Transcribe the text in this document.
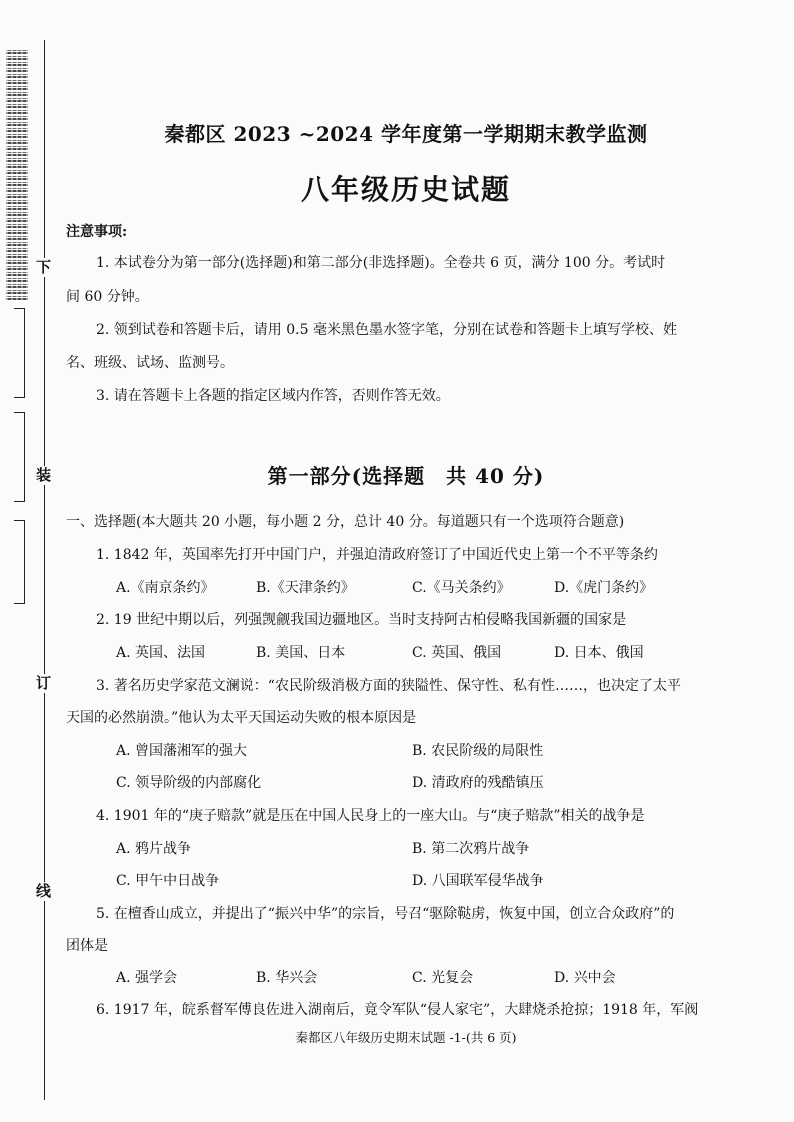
下
装
订
线
秦都区 2023 ~2024 学年度第一学期期末教学监测
八年级历史试题
注意事项:
1. 本试卷分为第一部分(选择题)和第二部分(非选择题)。全卷共 6 页，满分 100 分。考试时
间 60 分钟。
2. 领到试卷和答题卡后，请用 0.5 毫米黑色墨水签字笔，分别在试卷和答题卡上填写学校、姓
名、班级、试场、监测号。
3. 请在答题卡上各题的指定区域内作答，否则作答无效。
第一部分(选择题　共 40 分)
一、选择题(本大题共 20 小题，每小题 2 分，总计 40 分。每道题只有一个选项符合题意)
1. 1842 年，英国率先打开中国门户，并强迫清政府签订了中国近代史上第一个不平等条约
A.《南京条约》	B.《天津条约》	C.《马关条约》	D.《虎门条约》
2. 19 世纪中期以后，列强觊觎我国边疆地区。当时支持阿古柏侵略我国新疆的国家是
A. 英国、法国	B. 美国、日本	C. 英国、俄国	D. 日本、俄国
3. 著名历史学家范文澜说：“农民阶级消极方面的狭隘性、保守性、私有性……，也决定了太平
天国的必然崩溃。”他认为太平天国运动失败的根本原因是
A. 曾国藩湘军的强大	B. 农民阶级的局限性
C. 领导阶级的内部腐化	D. 清政府的残酷镇压
4. 1901 年的“庚子赔款”就是压在中国人民身上的一座大山。与“庚子赔款”相关的战争是
A. 鸦片战争	B. 第二次鸦片战争
C. 甲午中日战争	D. 八国联军侵华战争
5. 在檀香山成立，并提出了“振兴中华”的宗旨，号召“驱除鞑虏，恢复中国，创立合众政府”的
团体是
A. 强学会	B. 华兴会	C. 光复会	D. 兴中会
6. 1917 年，皖系督军傅良佐进入湖南后，竟令军队“侵人家宅”，大肆烧杀抢掠；1918 年，军阀
秦都区八年级历史期末试题 -1-(共 6 页)
